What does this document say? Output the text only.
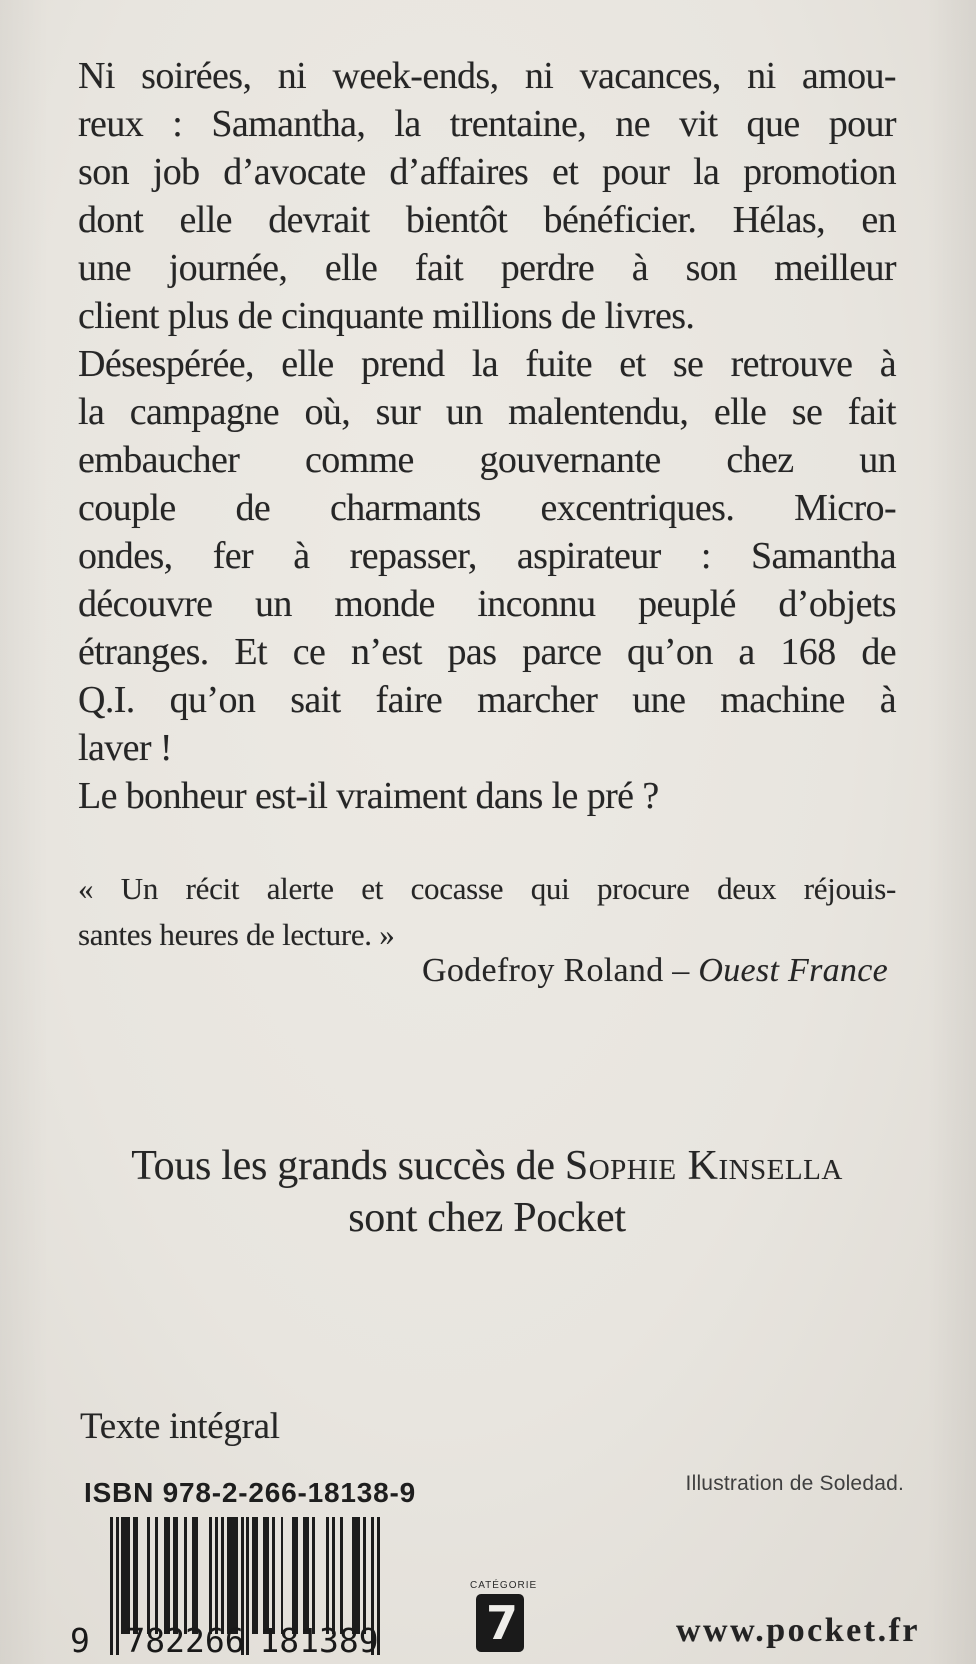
Ni soirées, ni week-ends, ni vacances, ni amou-
reux : Samantha, la trentaine, ne vit que pour
son job d’avocate d’affaires et pour la promotion
dont elle devrait bientôt bénéficier. Hélas, en
une journée, elle fait perdre à son meilleur
client plus de cinquante millions de livres.
Désespérée, elle prend la fuite et se retrouve à
la campagne où, sur un malentendu, elle se fait
embaucher comme gouvernante chez un
couple de charmants excentriques. Micro-
ondes, fer à repasser, aspirateur : Samantha
découvre un monde inconnu peuplé d’objets
étranges. Et ce n’est pas parce qu’on a 168 de
Q.I. qu’on sait faire marcher une machine à
laver !
Le bonheur est-il vraiment dans le pré ?
« Un récit alerte et cocasse qui procure deux réjouis-
santes heures de lecture. »
Godefroy Roland – Ouest France
Tous les grands succès de Sophie Kinsella
sont chez Pocket
Texte intégral
ISBN 978-2-266-18138-9	Illustration de Soledad.
9 782266 181389
CATÉGORIE
7	www.pocket.fr
